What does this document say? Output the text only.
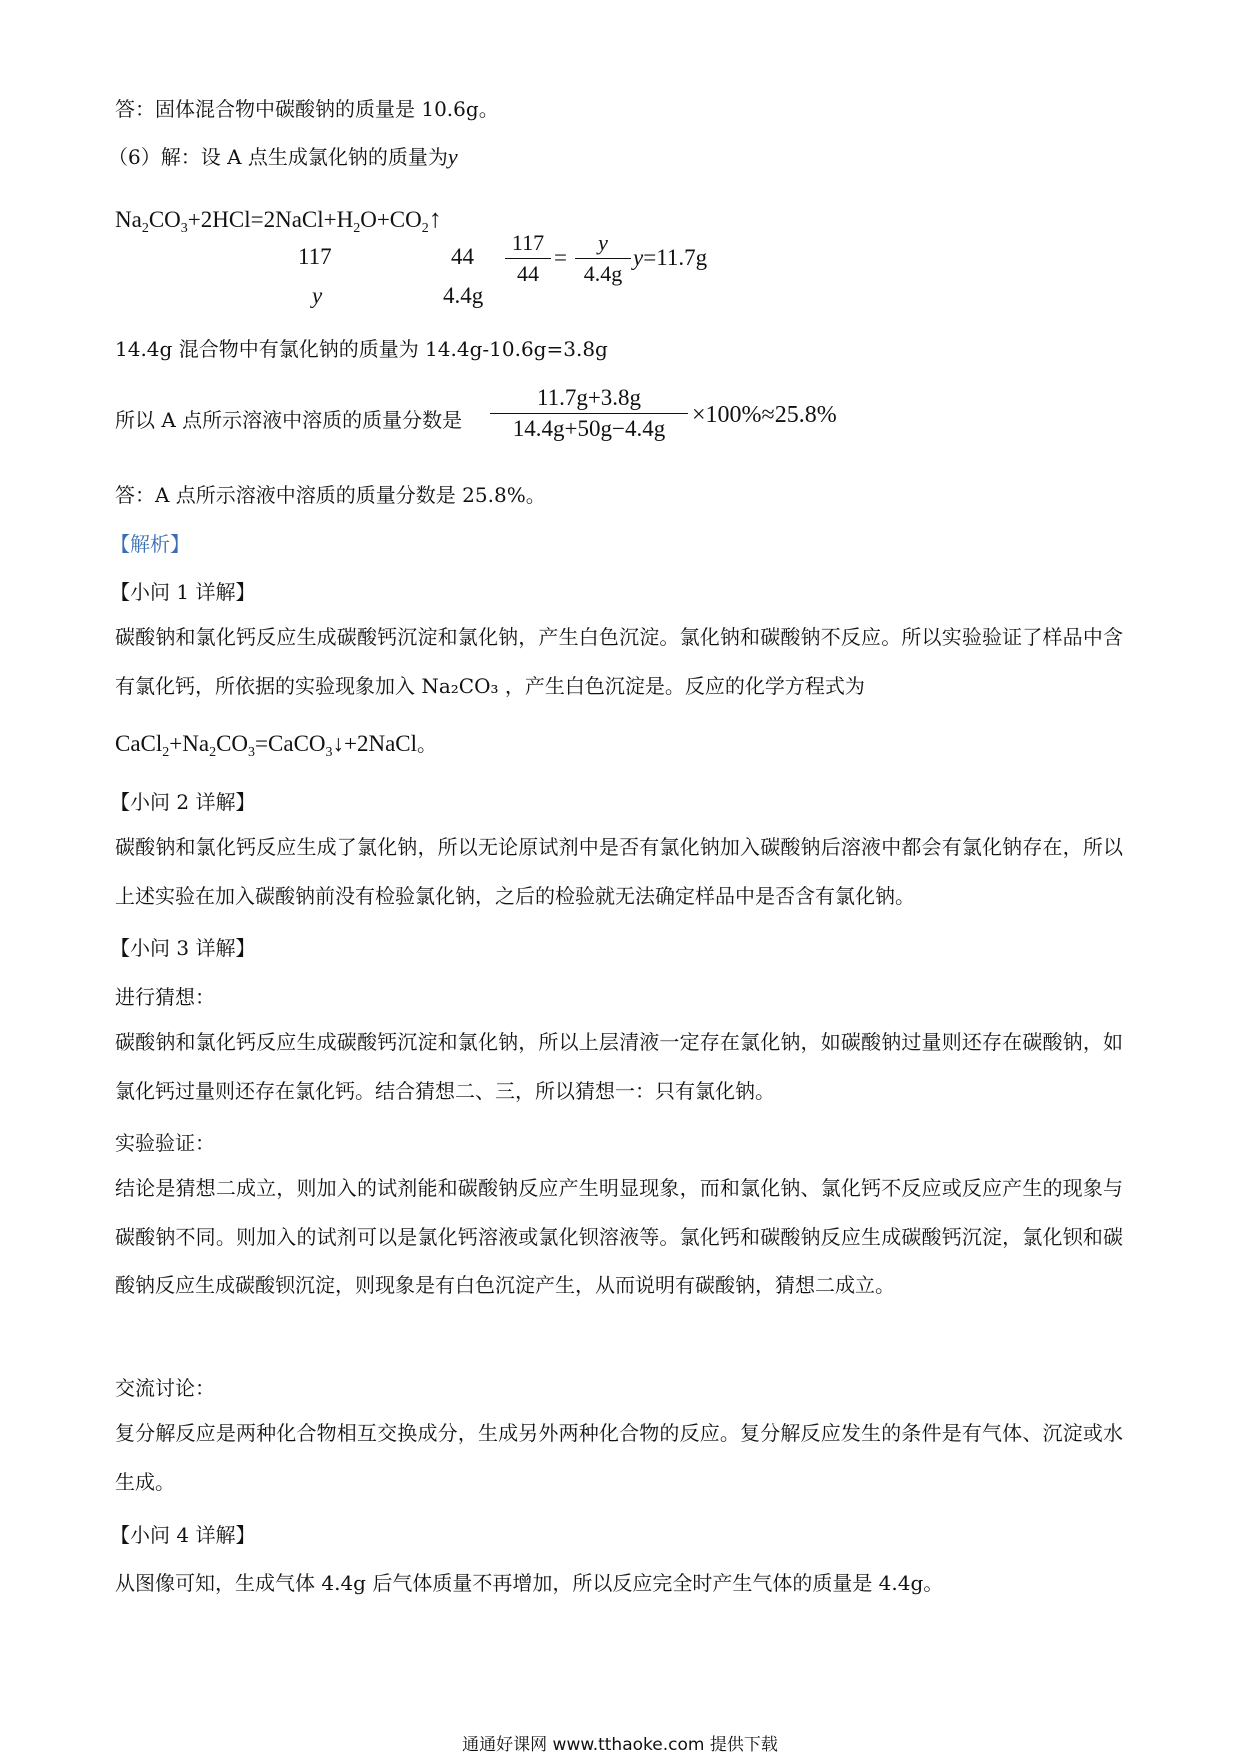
答：固体混合物中碳酸钠的质量是 10.6g。
（6）解：设 A 点生成氯化钠的质量为y
$Na_2CO_3+2HCl=2NaCl+H_2O+CO_2↑$
117	44
y	4.4g
117
44
=
y
4.4g
y=11.7g
14.4g 混合物中有氯化钠的质量为 14.4g-10.6g=3.8g
所以 A 点所示溶液中溶质的质量分数是
11.7g+3.8g
14.4g+50g−4.4g
×100%≈25.8%
答：A 点所示溶液中溶质的质量分数是 25.8%。
【解析】
【小问 1 详解】
碳酸钠和氯化钙反应生成碳酸钙沉淀和氯化钠，产生白色沉淀。氯化钠和碳酸钠不反应。所以实验验证了样品中含有氯化钙，所依据的实验现象加入 Na₂CO₃ ，产生白色沉淀是。反应的化学方程式为
$CaCl_2+Na_2CO_3=CaCO_3↓+2NaCl$。
【小问 2 详解】
碳酸钠和氯化钙反应生成了氯化钠，所以无论原试剂中是否有氯化钠加入碳酸钠后溶液中都会有氯化钠存在，所以上述实验在加入碳酸钠前没有检验氯化钠，之后的检验就无法确定样品中是否含有氯化钠。
【小问 3 详解】
进行猜想：
碳酸钠和氯化钙反应生成碳酸钙沉淀和氯化钠，所以上层清液一定存在氯化钠，如碳酸钠过量则还存在碳酸钠，如氯化钙过量则还存在氯化钙。结合猜想二、三，所以猜想一：只有氯化钠。
实验验证：
结论是猜想二成立，则加入的试剂能和碳酸钠反应产生明显现象，而和氯化钠、氯化钙不反应或反应产生的现象与碳酸钠不同。则加入的试剂可以是氯化钙溶液或氯化钡溶液等。氯化钙和碳酸钠反应生成碳酸钙沉淀，氯化钡和碳酸钠反应生成碳酸钡沉淀，则现象是有白色沉淀产生，从而说明有碳酸钠，猜想二成立。
交流讨论：
复分解反应是两种化合物相互交换成分，生成另外两种化合物的反应。复分解反应发生的条件是有气体、沉淀或水生成。
【小问 4 详解】
从图像可知，生成气体 4.4g 后气体质量不再增加，所以反应完全时产生气体的质量是 4.4g。
通通好课网 www.tthaoke.com 提供下载
